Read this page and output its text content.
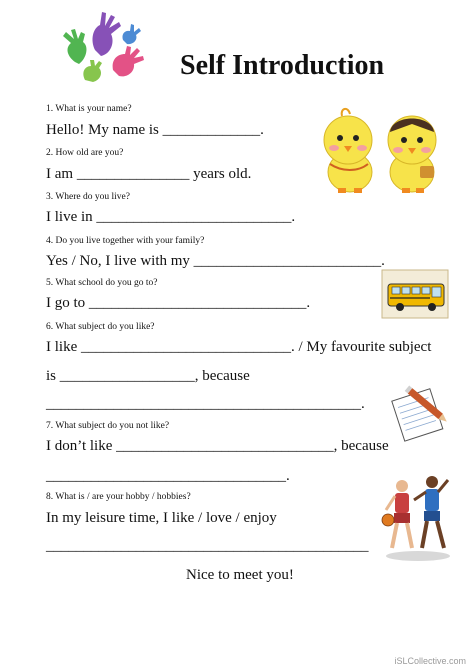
Self Introduction
1. What is your name?
Hello! My name is _____________.
2. How old are you?
I am _______________ years old.
3. Where do you live?
I live in __________________________.
4. Do you live together with your family?
Yes / No, I live with my _________________________.
5. What school do you go to?
I go to _____________________________.
6. What subject do you like?
I like ____________________________. / My favourite subject
is __________________, because
__________________________________________.
7. What subject do you not like?
I don’t like _____________________________, because
________________________________.
8. What is / are your hobby / hobbies?
In my leisure time, I like / love / enjoy
___________________________________________
Nice to meet you!
iSLCollective.com
